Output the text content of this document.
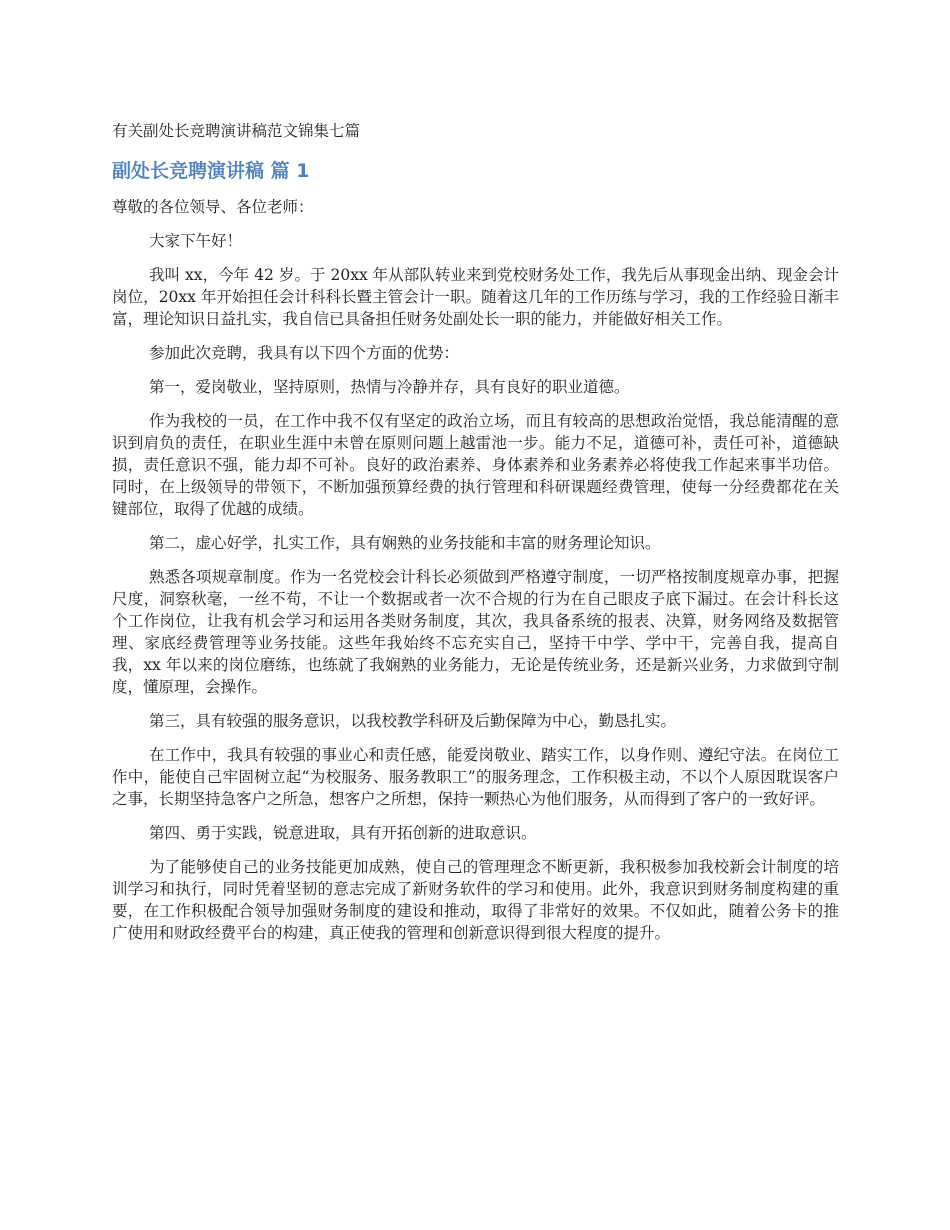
有关副处长竞聘演讲稿范文锦集七篇
副处长竞聘演讲稿 篇 1

尊敬的各位领导、各位老师：

大家下午好！

我叫 xx，今年 42 岁。于 20xx 年从部队转业来到党校财务处工作，我先后从事现金出纳、现金会计岗位，20xx 年开始担任会计科科长暨主管会计一职。随着这几年的工作历练与学习，我的工作经验日渐丰富，理论知识日益扎实，我自信已具备担任财务处副处长一职的能力，并能做好相关工作。

参加此次竞聘，我具有以下四个方面的优势：

第一，爱岗敬业，坚持原则，热情与冷静并存，具有良好的职业道德。

作为我校的一员，在工作中我不仅有坚定的政治立场，而且有较高的思想政治觉悟，我总能清醒的意识到肩负的责任，在职业生涯中未曾在原则问题上越雷池一步。能力不足，道德可补，责任可补，道德缺损，责任意识不强，能力却不可补。良好的政治素养、身体素养和业务素养必将使我工作起来事半功倍。同时，在上级领导的带领下，不断加强预算经费的执行管理和科研课题经费管理，使每一分经费都花在关键部位，取得了优越的成绩。

第二，虚心好学，扎实工作，具有娴熟的业务技能和丰富的财务理论知识。

熟悉各项规章制度。作为一名党校会计科长必须做到严格遵守制度，一切严格按制度规章办事，把握尺度，洞察秋毫，一丝不苟，不让一个数据或者一次不合规的行为在自己眼皮子底下漏过。在会计科长这个工作岗位，让我有机会学习和运用各类财务制度，其次，我具备系统的报表、决算，财务网络及数据管理、家底经费管理等业务技能。这些年我始终不忘充实自己，坚持干中学、学中干，完善自我，提高自我，xx 年以来的岗位磨练，也练就了我娴熟的业务能力，无论是传统业务，还是新兴业务，力求做到守制度，懂原理，会操作。

第三，具有较强的服务意识，以我校教学科研及后勤保障为中心，勤恳扎实。

在工作中，我具有较强的事业心和责任感，能爱岗敬业、踏实工作，以身作则、遵纪守法。在岗位工作中，能使自己牢固树立起“为校服务、服务教职工”的服务理念，工作积极主动，不以个人原因耽误客户之事，长期坚持急客户之所急，想客户之所想，保持一颗热心为他们服务，从而得到了客户的一致好评。

第四、勇于实践，锐意进取，具有开拓创新的进取意识。

为了能够使自己的业务技能更加成熟，使自己的管理理念不断更新，我积极参加我校新会计制度的培训学习和执行，同时凭着坚韧的意志完成了新财务软件的学习和使用。此外，我意识到财务制度构建的重要，在工作积极配合领导加强财务制度的建设和推动，取得了非常好的效果。不仅如此，随着公务卡的推广使用和财政经费平台的构建，真正使我的管理和创新意识得到很大程度的提升。
